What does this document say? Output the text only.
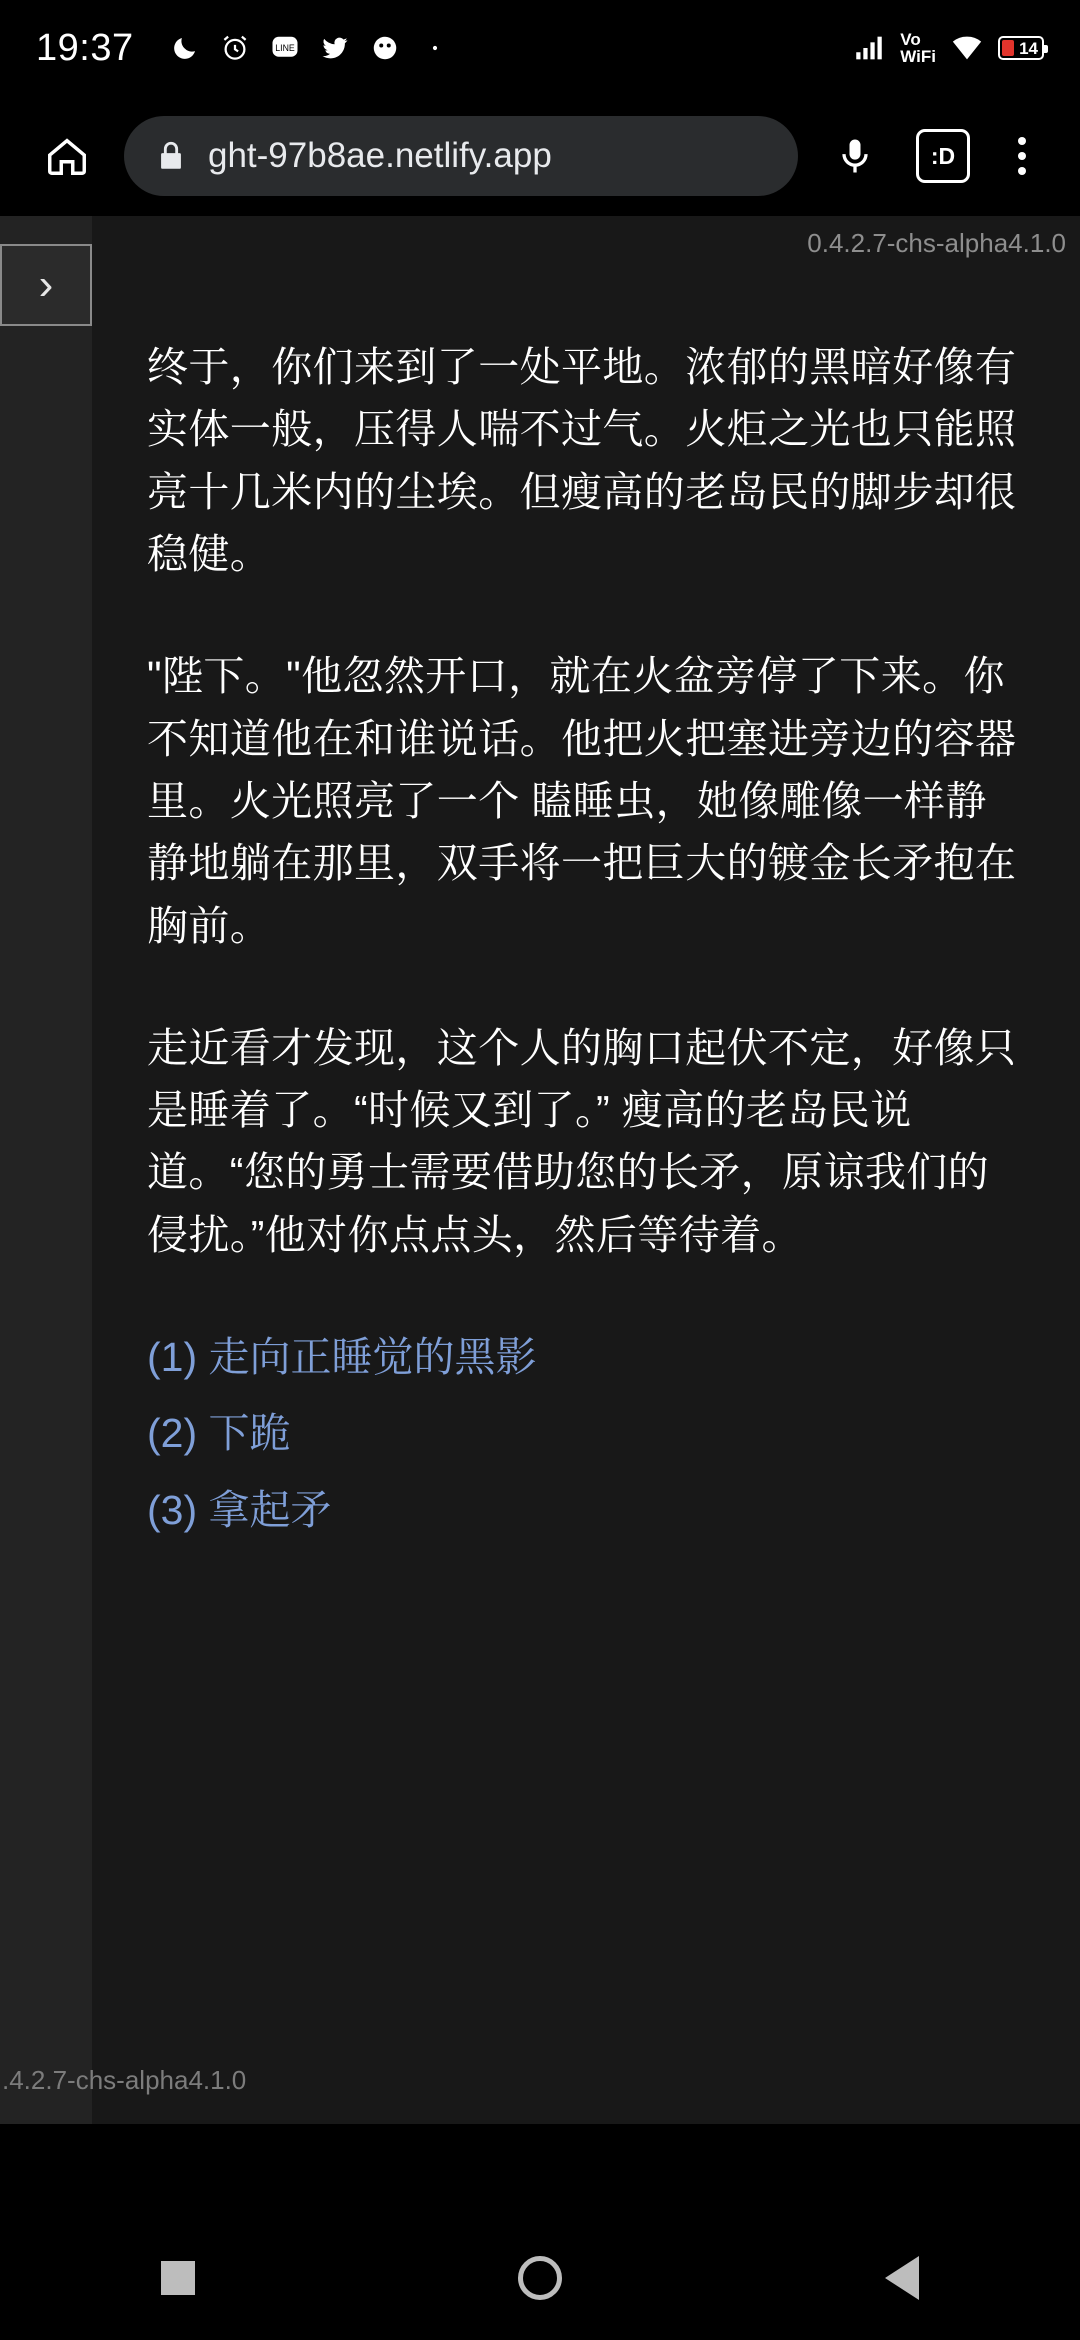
19:37	LINE	Vo
WiFi	14
ght-97b8ae.netlify.app	:D
›
0.4.2.7-chs-alpha4.1.0
.4.2.7-chs-alpha4.1.0

终于，你们来到了一处平地。浓郁的黑暗好像有实体一般，压得人喘不过气。火炬之光也只能照亮十几米内的尘埃。但瘦高的老岛民的脚步却很稳健。

"陛下。"他忽然开口，就在火盆旁停了下来。你不知道他在和谁说话。他把火把塞进旁边的容器里。火光照亮了一个 瞌睡虫，她像雕像一样静静地躺在那里，双手将一把巨大的镀金长矛抱在胸前。

走近看才发现，这个人的胸口起伏不定，好像只是睡着了。“时候又到了。” 瘦高的老岛民说道。“您的勇士需要借助您的长矛，原谅我们的侵扰。”他对你点点头，然后等待着。

(1) 走向正睡觉的黑影
(2) 下跪
(3) 拿起矛
